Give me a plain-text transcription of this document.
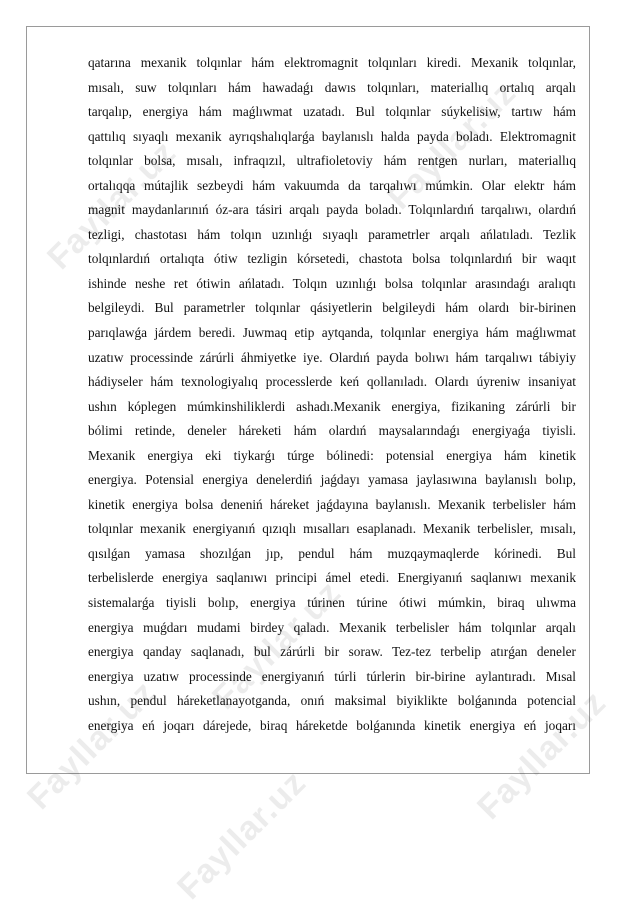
Fayllar.uz	Fayllar.uz
Fayllar.uz
Fayllar.uz	Fayllar.uz
Fayllar.uz
qatarına mexanik tolqınlar hám elektromagnit tolqınları kiredi. Mexanik tolqınlar,
mısalı, suw tolqınları hám hawadaǵı dawıs tolqınları, materiallıq ortalıq arqalı
tarqalıp, energiya hám maǵlıwmat uzatadı. Bul tolqınlar súykelisiw, tartıw hám
qattılıq sıyaqlı mexanik ayrıqshalıqlarǵa baylanıslı halda payda boladı. Elektromagnit
tolqınlar bolsa, mısalı, infraqızıl, ultrafioletoviy hám rentgen nurları, materiallıq
ortalıqqa mútajlik sezbeydi hám vakuumda da tarqalıwı múmkin. Olar elektr hám
magnit maydanlarınıń óz-ara tásiri arqalı payda boladı. Tolqınlardıń tarqalıwı, olardıń
tezligi, chastotası hám tolqın uzınlıǵı sıyaqlı parametrler arqalı ańlatıladı. Tezlik
tolqınlardıń ortalıqta ótiw tezligin kórsetedi, chastota bolsa tolqınlardıń bir waqıt
ishinde neshe ret ótiwin ańlatadı. Tolqın uzınlıǵı bolsa tolqınlar arasındaǵı aralıqtı
belgileydi. Bul parametrler tolqınlar qásiyetlerin belgileydi hám olardı bir-birinen
parıqlawǵa járdem beredi. Juwmaq etip aytqanda, tolqınlar energiya hám maǵlıwmat
uzatıw processinde zárúrli áhmiyetke iye. Olardıń payda bolıwı hám tarqalıwı tábiyiy
hádiyseler hám texnologiyalıq processlerde keń qollanıladı. Olardı úyreniw insaniyat
ushın kóplegen múmkinshiliklerdi ashadı.Mexanik energiya, fizikaning zárúrli bir
bólimi retinde, deneler háreketi hám olardıń maysalarındaǵı energiyaǵa tiyisli.
Mexanik energiya eki tiykarǵı túrge bólinedi: potensial energiya hám kinetik
energiya. Potensial energiya denelerdiń jaǵdayı yamasa jaylasıwına baylanıslı bolıp,
kinetik energiya bolsa deneniń háreket jaǵdayına baylanıslı. Mexanik terbelisler hám
tolqınlar mexanik energiyanıń qızıqlı mısalları esaplanadı. Mexanik terbelisler, mısalı,
qısılǵan yamasa shozılǵan jıp, pendul hám muzqaymaqlerde kórinedi. Bul
terbelislerde energiya saqlanıwı principi ámel etedi. Energiyanıń saqlanıwı mexanik
sistemalarǵa tiyisli bolıp, energiya túrinen túrine ótiwi múmkin, biraq ulıwma
energiya muǵdarı mudami birdey qaladı. Mexanik terbelisler hám tolqınlar arqalı
energiya qanday saqlanadı, bul zárúrli bir soraw. Tez-tez terbelip atırǵan deneler
energiya uzatıw processinde energiyanıń túrli túrlerin bir-birine aylantıradı. Mısal
ushın, pendul háreketlanayotganda, onıń maksimal biyiklikte bolǵanında potencial
energiya eń joqarı dárejede, biraq háreketde bolǵanında kinetik energiya eń joqarı
